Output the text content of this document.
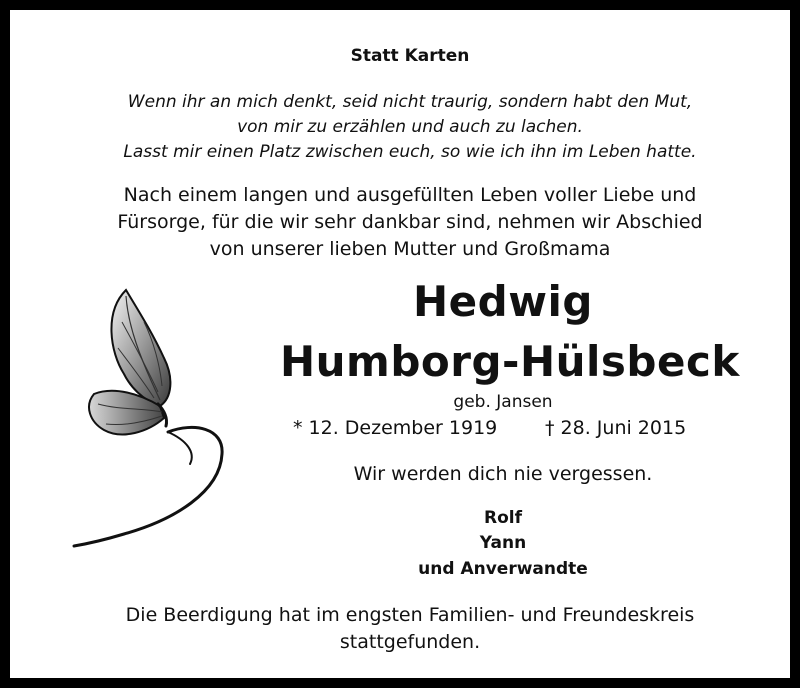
Statt Karten
Wenn ihr an mich denkt, seid nicht traurig, sondern habt den Mut,
von mir zu erzählen und auch zu lachen.
Lasst mir einen Platz zwischen euch, so wie ich ihn im Leben hatte.
Nach einem langen und ausgefüllten Leben voller Liebe und
Fürsorge, für die wir sehr dankbar sind, nehmen wir Abschied
von unserer lieben Mutter und Großmama
Hedwig
Humborg-Hülsbeck
geb. Jansen
* 12. Dezember 1919	† 28. Juni 2015
Wir werden dich nie vergessen.
Rolf
Yann
und Anverwandte
Die Beerdigung hat im engsten Familien- und Freundeskreis
stattgefunden.
